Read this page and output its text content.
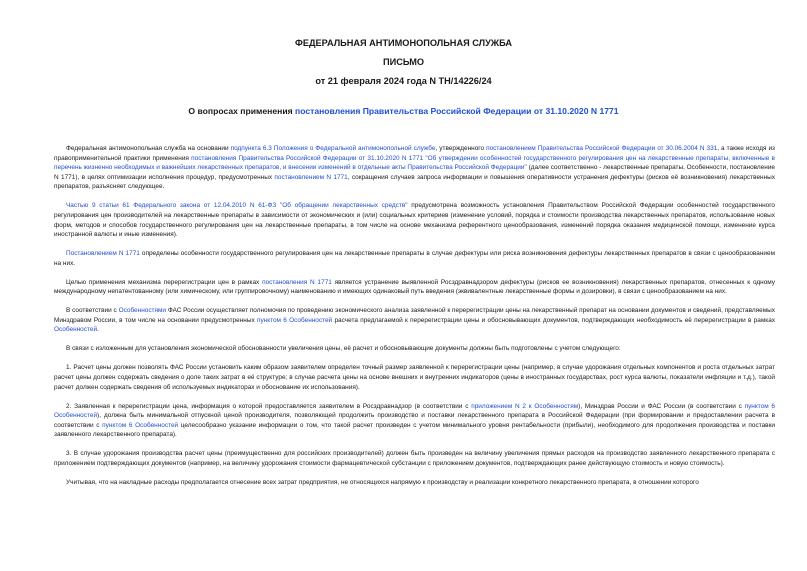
ФЕДЕРАЛЬНАЯ АНТИМОНОПОЛЬНАЯ СЛУЖБА
ПИСЬМО
от 21 февраля 2024 года N ТН/14226/24
О вопросах применения постановления Правительства Российской Федерации от 31.10.2020 N 1771

Федеральная антимонопольная служба на основании подпункта 6.3 Положения о Федеральной антимонопольной службе, утвержденного постановлением Правительства Российской Федерации от 30.06.2004 N 331, а также исходя из правоприменительной практики применения постановления Правительства Российской Федерации от 31.10.2020 N 1771 "Об утверждении особенностей государственного регулирования цен на лекарственные препараты, включенные в перечень жизненно необходимых и важнейших лекарственных препаратов, и внесении изменений в отдельные акты Правительства Российской Федерации" (далее соответственно - лекарственные препараты, Особенности, постановление N 1771), в целях оптимизации исполнения процедур, предусмотренных постановлением N 1771, сокращения случаев запроса информации и повышения оперативности устранения дефектуры (рисков её возникновения) лекарственных препаратов, разъясняет следующее.

Частью 9 статьи 61 Федерального закона от 12.04.2010 N 61-ФЗ "Об обращении лекарственных средств" предусмотрена возможность установления Правительством Российской Федерации особенностей государственного регулирования цен производителей на лекарственные препараты в зависимости от экономических и (или) социальных критериев (изменение условий, порядка и стоимости производства лекарственных препаратов, использование новых форм, методов и способов государственного регулирования цен на лекарственные препараты, в том числе на основе механизма референтного ценообразования, изменений порядка оказания медицинской помощи, изменение курса иностранной валюты и иные изменения).

Постановлением N 1771 определены особенности государственного регулирования цен на лекарственные препараты в случае дефектуры или риска возникновения дефектуры лекарственных препаратов в связи с ценообразованием на них.

Целью применения механизма перерегистрации цен в рамках постановления N 1771 является устранение выявленной Росздравнадзором дефектуры (рисков ее возникновения) лекарственных препаратов, отнесенных к одному международному непатентованному (или химическому, или группировочному) наименованию и имеющих одинаковый путь введения (эквивалентные лекарственные формы и дозировки), в связи с ценообразованием на них.

В соответствии с Особенностями ФАС России осуществляет полномочия по проведению экономического анализа заявленной к перерегистрации цены на лекарственный препарат на основании документов и сведений, представляемых Минздравом России, в том числе на основании предусмотренных пунктом 6 Особенностей расчета предлагаемой к перерегистрации цены и обосновывающих документов, подтверждающих необходимость её перерегистрации в рамках Особенностей.

В связи с изложенным для установления экономической обоснованности увеличения цены, её расчет и обосновывающие документы должны быть подготовлены с учетом следующего:

1. Расчет цены должен позволять ФАС России установить каким образом заявителем определен точный размер заявленной к перерегистрации цены (например, в случае удорожания отдельных компонентов и роста отдельных затрат расчет цены должен содержать сведения о доле таких затрат в её структуре; в случае расчета цены на основе внешних и внутренних индикаторов (цены в иностранных государствах, рост курса валюты, показатели инфляции и т.д.), такой расчет должен содержать сведения об используемых индикаторах и обоснование их использования).

2. Заявленная к перерегистрации цена, информация о которой предоставляется заявителем в Росздравнадзор (в соответствии с приложением N 2 к Особенностям), Минздрав России и ФАС России (в соответствии с пунктом 6 Особенностей), должна быть минимальной отпускной ценой производителя, позволяющей продолжить производство и поставки лекарственного препарата в Российской Федерации (при формировании и предоставлении расчета в соответствии с пунктом 6 Особенностей целесообразно указание информации о том, что такой расчет произведен с учетом минимального уровня рентабельности (прибыли), необходимого для продолжения производства и поставки заявленного лекарственного препарата).

3. В случае удорожания производства расчет цены (преимущественно для российских производителей) должен быть произведен на величину увеличения прямых расходов на производство заявленного лекарственного препарата с приложением подтверждающих документов (например, на величину удорожания стоимости фармацевтической субстанции с приложением документов, подтверждающих ранее действующую стоимость и новую стоимость).

Учитывая, что на накладные расходы предполагается отнесение всех затрат предприятия, не относящихся напрямую к производству и реализации конкретного лекарственного препарата, в отношении которого
